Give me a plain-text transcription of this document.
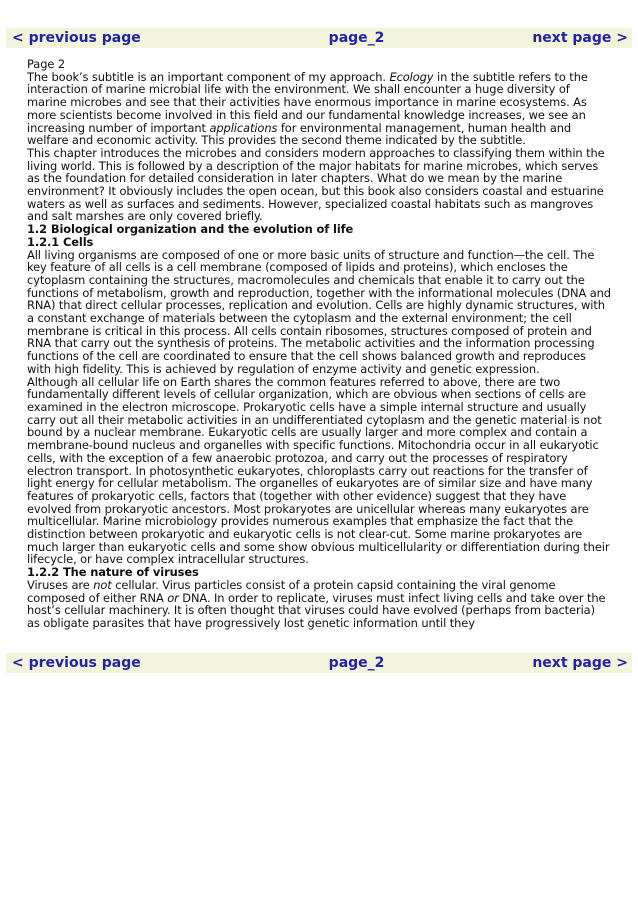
< previous page	page_2	next page >

Page 2

The book’s subtitle is an important component of my approach. Ecology in the subtitle refers to the interaction of marine microbial life with the environment. We shall encounter a huge diversity of marine microbes and see that their activities have enormous importance in marine ecosystems. As more scientists become involved in this field and our fundamental knowledge increases, we see an increasing number of important applications for environmental management, human health and welfare and economic activity. This provides the second theme indicated by the subtitle.

This chapter introduces the microbes and considers modern approaches to classifying them within the living world. This is followed by a description of the major habitats for marine microbes, which serves as the foundation for detailed consideration in later chapters. What do we mean by the marine environment? It obviously includes the open ocean, but this book also considers coastal and estuarine waters as well as surfaces and sediments. However, specialized coastal habitats such as mangroves and salt marshes are only covered briefly.

1.2 Biological organization and the evolution of life

1.2.1 Cells

All living organisms are composed of one or more basic units of structure and function—the cell. The key feature of all cells is a cell membrane (composed of lipids and proteins), which encloses the cytoplasm containing the structures, macromolecules and chemicals that enable it to carry out the functions of metabolism, growth and reproduction, together with the informational molecules (DNA and RNA) that direct cellular processes, replication and evolution. Cells are highly dynamic structures, with a constant exchange of materials between the cytoplasm and the external environment; the cell membrane is critical in this process. All cells contain ribosomes, structures composed of protein and RNA that carry out the synthesis of proteins. The metabolic activities and the information processing functions of the cell are coordinated to ensure that the cell shows balanced growth and reproduces with high fidelity. This is achieved by regulation of enzyme activity and genetic expression.

Although all cellular life on Earth shares the common features referred to above, there are two fundamentally different levels of cellular organization, which are obvious when sections of cells are examined in the electron microscope. Prokaryotic cells have a simple internal structure and usually carry out all their metabolic activities in an undifferentiated cytoplasm and the genetic material is not bound by a nuclear membrane. Eukaryotic cells are usually larger and more complex and contain a membrane-bound nucleus and organelles with specific functions. Mitochondria occur in all eukaryotic cells, with the exception of a few anaerobic protozoa, and carry out the processes of respiratory electron transport. In photosynthetic eukaryotes, chloroplasts carry out reactions for the transfer of light energy for cellular metabolism. The organelles of eukaryotes are of similar size and have many features of prokaryotic cells, factors that (together with other evidence) suggest that they have evolved from prokaryotic ancestors. Most prokaryotes are unicellular whereas many eukaryotes are multicellular. Marine microbiology provides numerous examples that emphasize the fact that the distinction between prokaryotic and eukaryotic cells is not clear-cut. Some marine prokaryotes are much larger than eukaryotic cells and some show obvious multicellularity or differentiation during their lifecycle, or have complex intracellular structures.

1.2.2 The nature of viruses

Viruses are not cellular. Virus particles consist of a protein capsid containing the viral genome composed of either RNA or DNA. In order to replicate, viruses must infect living cells and take over the host’s cellular machinery. It is often thought that viruses could have evolved (perhaps from bacteria) as obligate parasites that have progressively lost genetic information until they

< previous page	page_2	next page >
